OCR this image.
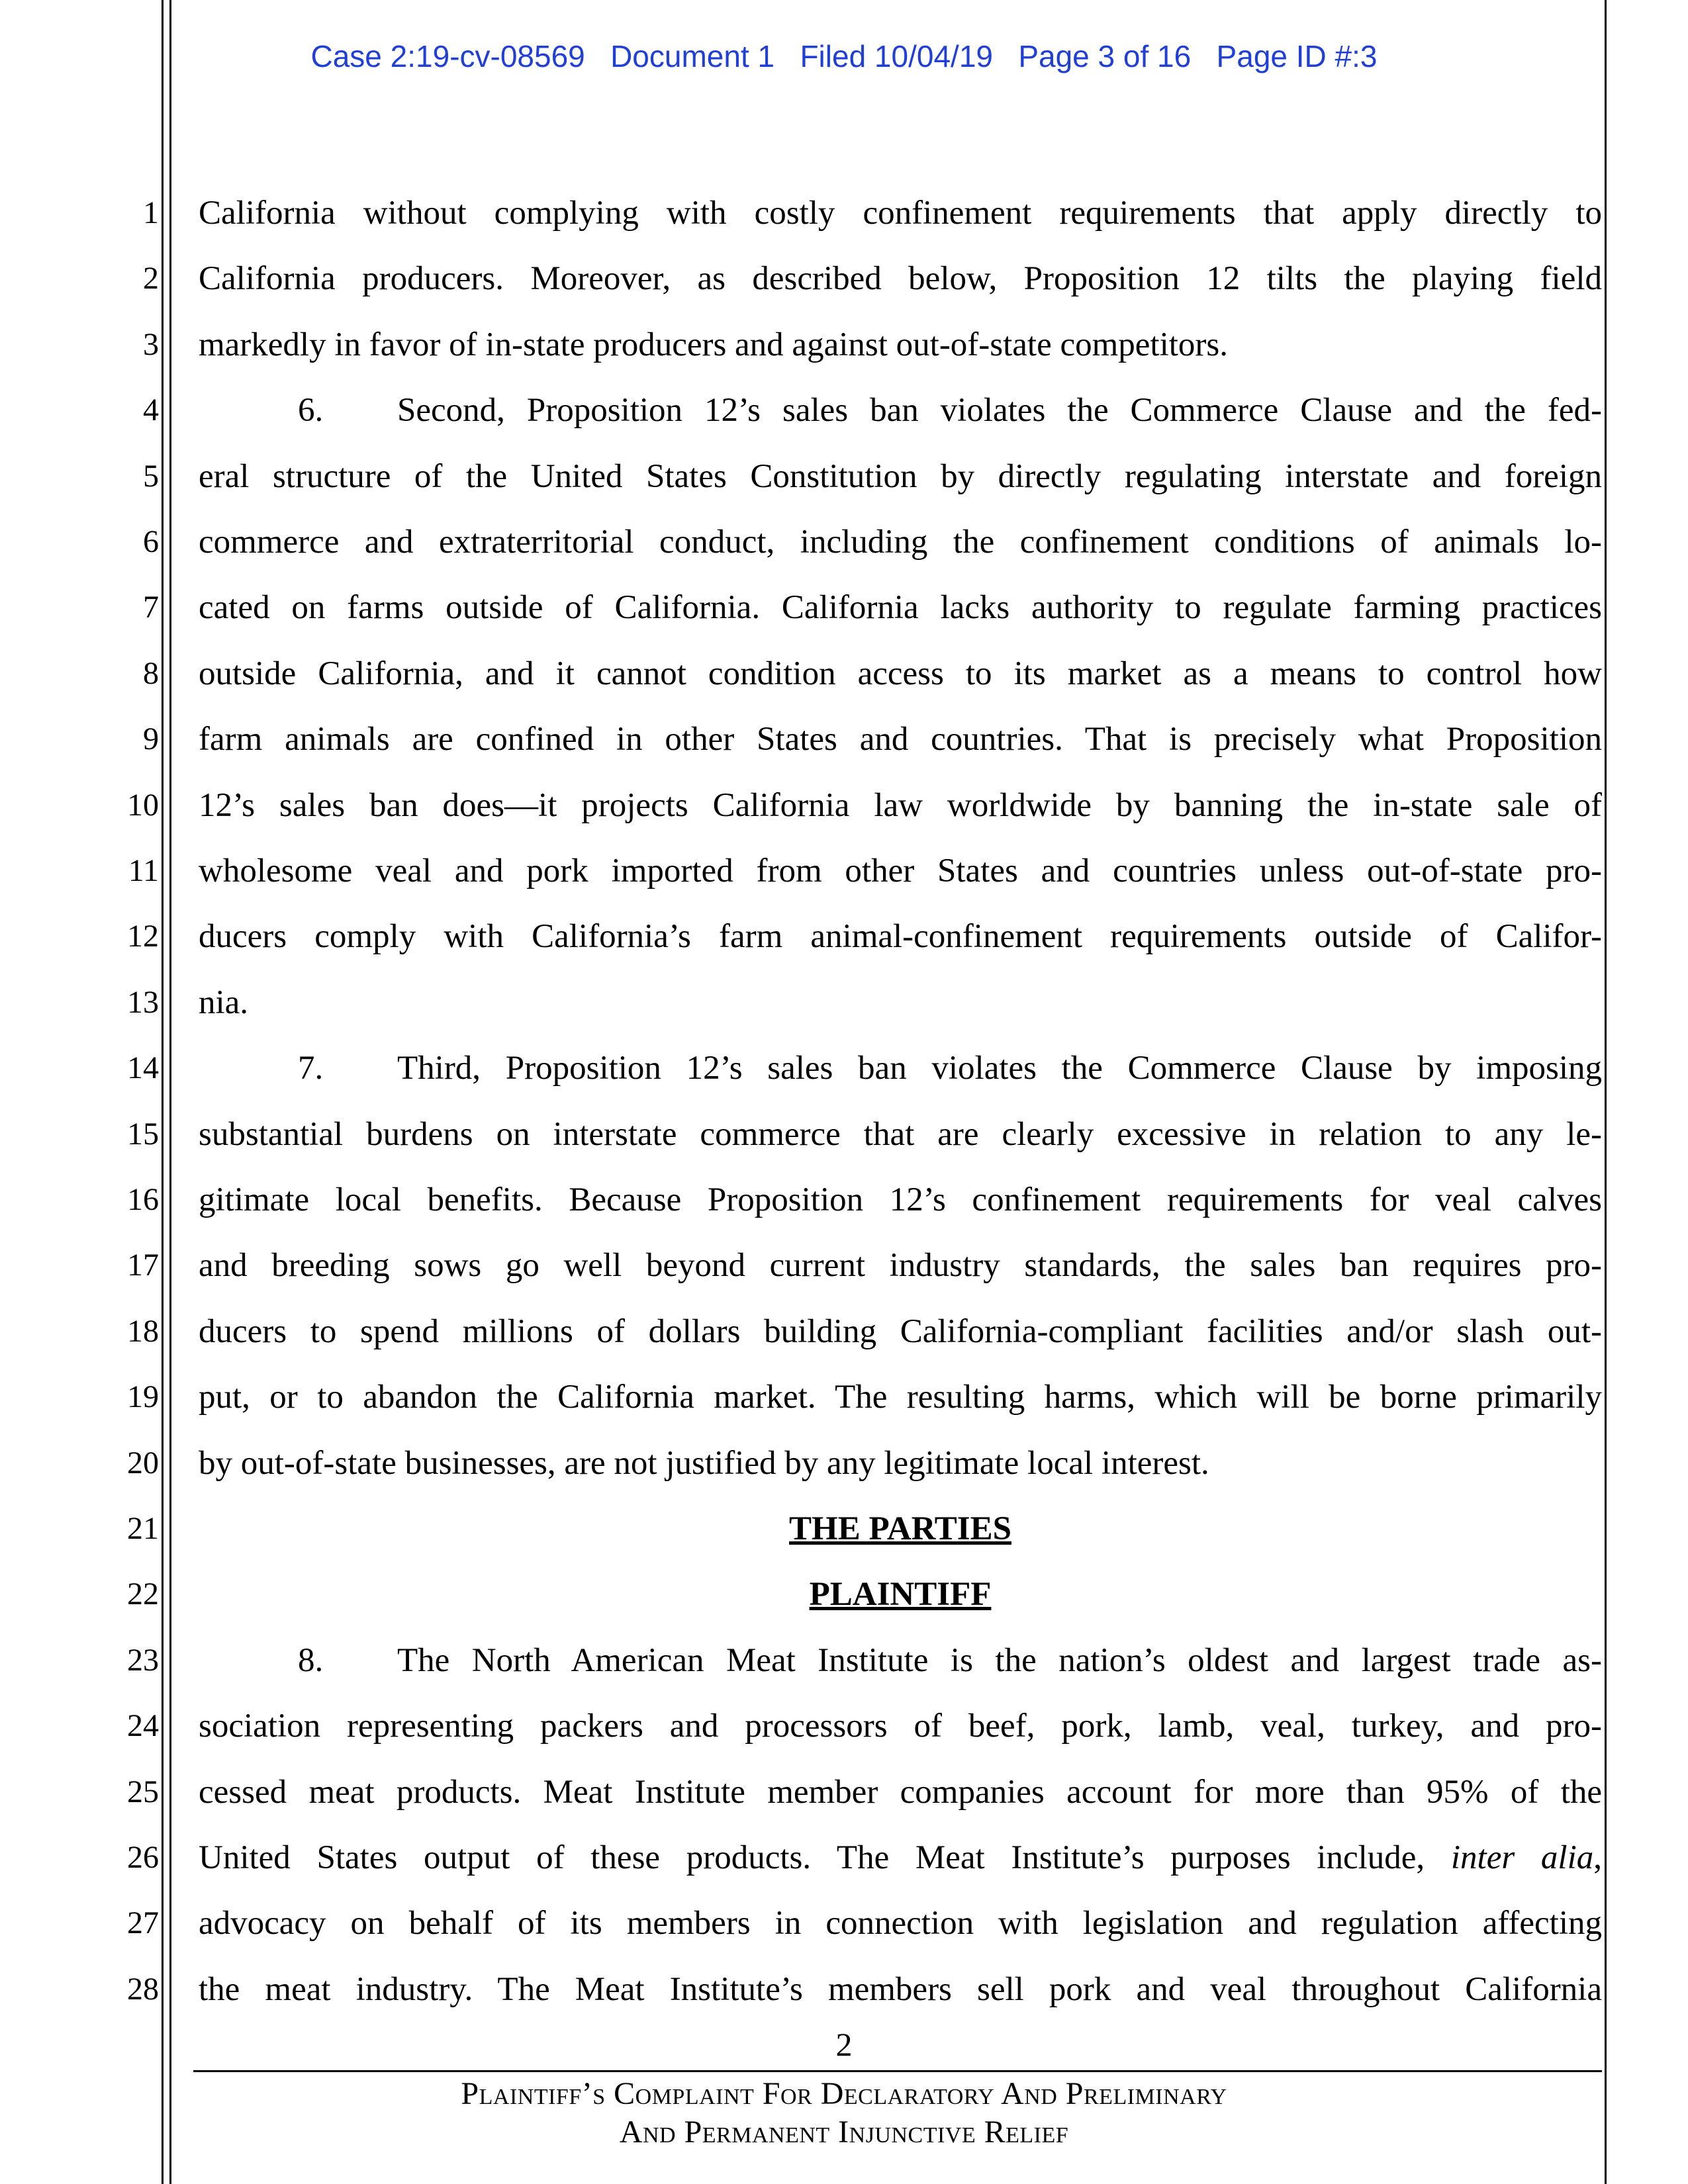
Case 2:19-cv-08569   Document 1   Filed 10/04/19   Page 3 of 16   Page ID #:3
1
2
3
4
5
6
7
8
9
10
11
12
13
14
15
16
17
18
19
20
21
22
23
24
25
26
27
28
California without complying with costly confinement requirements that apply directly to
California producers. Moreover, as described below, Proposition 12 tilts the playing field
markedly in favor of in-state producers and against out-of-state competitors.
6. Second, Proposition 12’s sales ban violates the Commerce Clause and the fed-
eral structure of the United States Constitution by directly regulating interstate and foreign
commerce and extraterritorial conduct, including the confinement conditions of animals lo-
cated on farms outside of California. California lacks authority to regulate farming practices
outside California, and it cannot condition access to its market as a means to control how
farm animals are confined in other States and countries. That is precisely what Proposition
12’s sales ban does—it projects California law worldwide by banning the in-state sale of
wholesome veal and pork imported from other States and countries unless out-of-state pro-
ducers comply with California’s farm animal-confinement requirements outside of Califor-
nia.
7. Third, Proposition 12’s sales ban violates the Commerce Clause by imposing
substantial burdens on interstate commerce that are clearly excessive in relation to any le-
gitimate local benefits. Because Proposition 12’s confinement requirements for veal calves
and breeding sows go well beyond current industry standards, the sales ban requires pro-
ducers to spend millions of dollars building California-compliant facilities and/or slash out-
put, or to abandon the California market. The resulting harms, which will be borne primarily
by out-of-state businesses, are not justified by any legitimate local interest.
THE PARTIES
PLAINTIFF
8. The North American Meat Institute is the nation’s oldest and largest trade as-
sociation representing packers and processors of beef, pork, lamb, veal, turkey, and pro-
cessed meat products. Meat Institute member companies account for more than 95% of the
United States output of these products. The Meat Institute’s purposes include, inter alia,
advocacy on behalf of its members in connection with legislation and regulation affecting
the meat industry. The Meat Institute’s members sell pork and veal throughout California
2
Plaintiff’s Complaint For Declaratory And Preliminary
And Permanent Injunctive Relief
